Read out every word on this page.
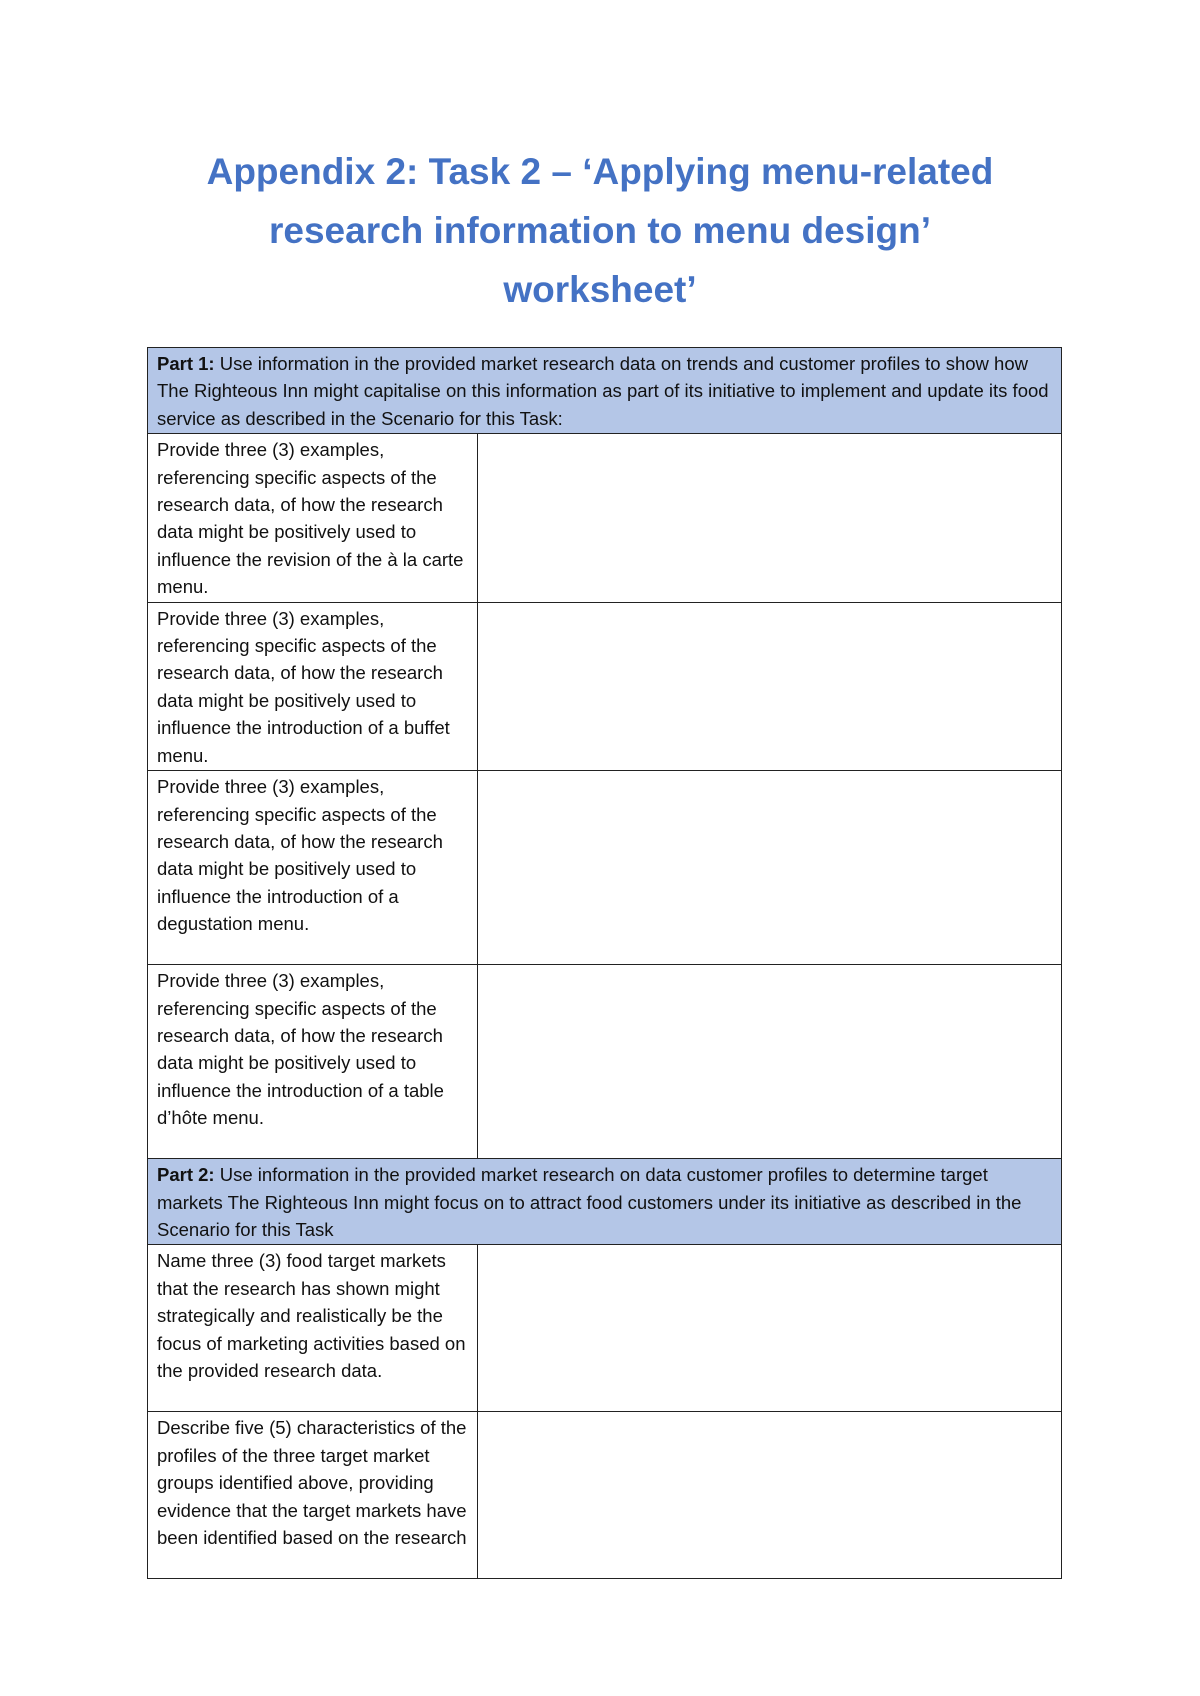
Appendix 2: Task 2 – ‘Applying menu-related
research information to menu design’
worksheet’
Part 1: Use information in the provided market research data on trends and customer profiles to show how The Righteous Inn might capitalise on this information as part of its initiative to implement and update its food service as described in the Scenario for this Task:	
Provide three (3) examples, referencing specific aspects of the research data, of how the research data might be positively used to influence the revision of the à la carte menu.	
Provide three (3) examples, referencing specific aspects of the research data, of how the research data might be positively used to influence the introduction of a buffet menu.	
Provide three (3) examples, referencing specific aspects of the research data, of how the research data might be positively used to influence the introduction of a degustation menu.	
Provide three (3) examples, referencing specific aspects of the research data, of how the research data might be positively used to influence the introduction of a table d’hôte menu.	
Part 2: Use information in the provided market research on data customer profiles to determine target markets The Righteous Inn might focus on to attract food customers under its initiative as described in the Scenario for this Task	
Name three (3) food target markets that the research has shown might strategically and realistically be the focus of marketing activities based on the provided research data.	
Describe five (5) characteristics of the profiles of the three target market groups identified above, providing evidence that the target markets have been identified based on the research	
